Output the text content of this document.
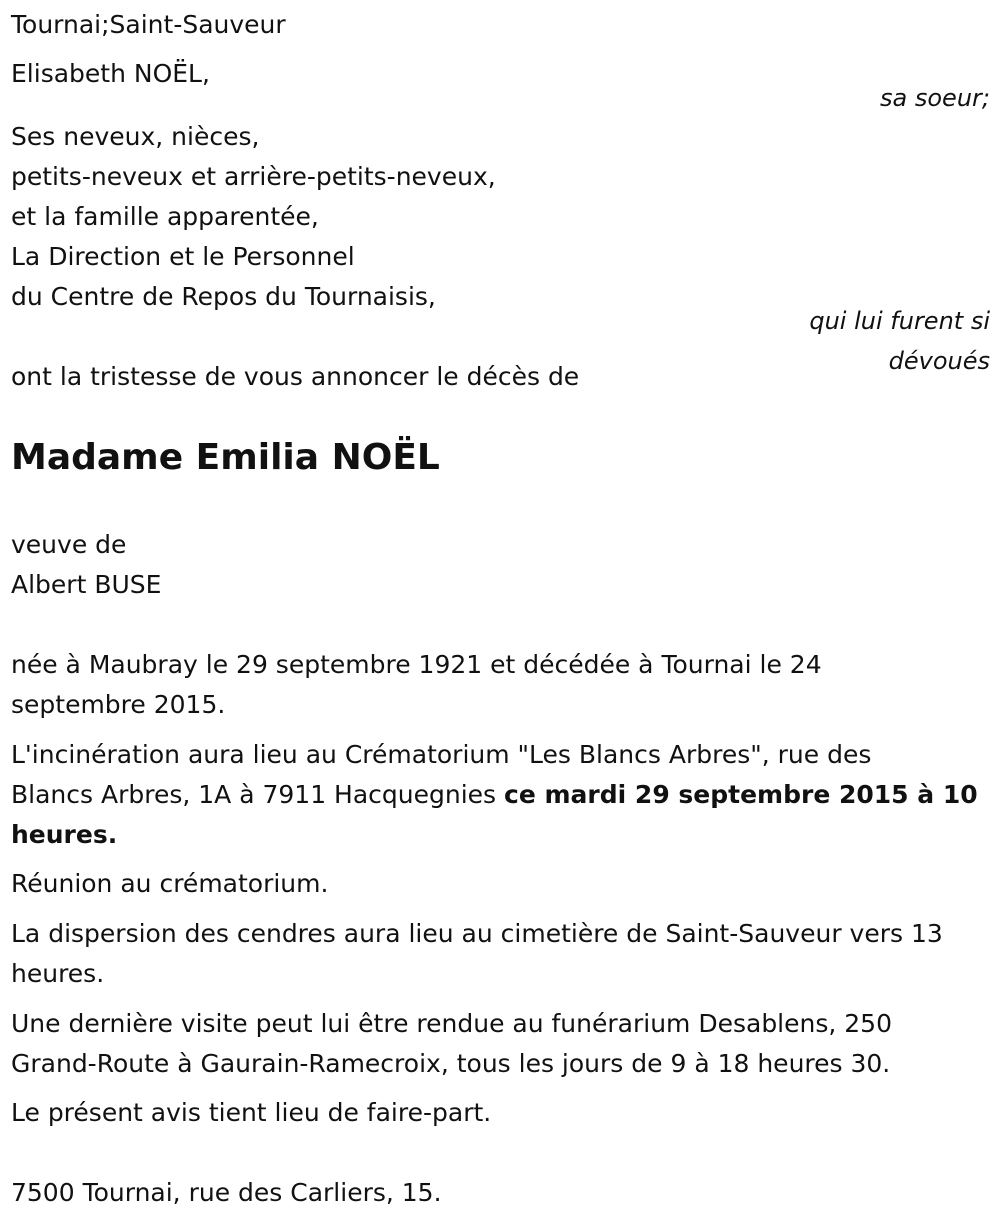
Tournai;Saint-Sauveur
Elisabeth NOËL,
sa soeur;
Ses neveux, nièces,
petits-neveux et arrière-petits-neveux,
et la famille apparentée,
La Direction et le Personnel
du Centre de Repos du Tournaisis,
qui lui furent si
dévoués
ont la tristesse de vous annoncer le décès de
Madame Emilia NOËL
veuve de
Albert BUSE
née à Maubray le 29 septembre 1921 et décédée à Tournai le 24
septembre 2015.
L'incinération aura lieu au Crématorium "Les Blancs Arbres", rue des
Blancs Arbres, 1A à 7911 Hacquegnies ce mardi 29 septembre 2015 à 10
heures.
Réunion au crématorium.
La dispersion des cendres aura lieu au cimetière de Saint-Sauveur vers 13
heures.
Une dernière visite peut lui être rendue au funérarium Desablens, 250
Grand-Route à Gaurain-Ramecroix, tous les jours de 9 à 18 heures 30.
Le présent avis tient lieu de faire-part.
7500 Tournai, rue des Carliers, 15.
